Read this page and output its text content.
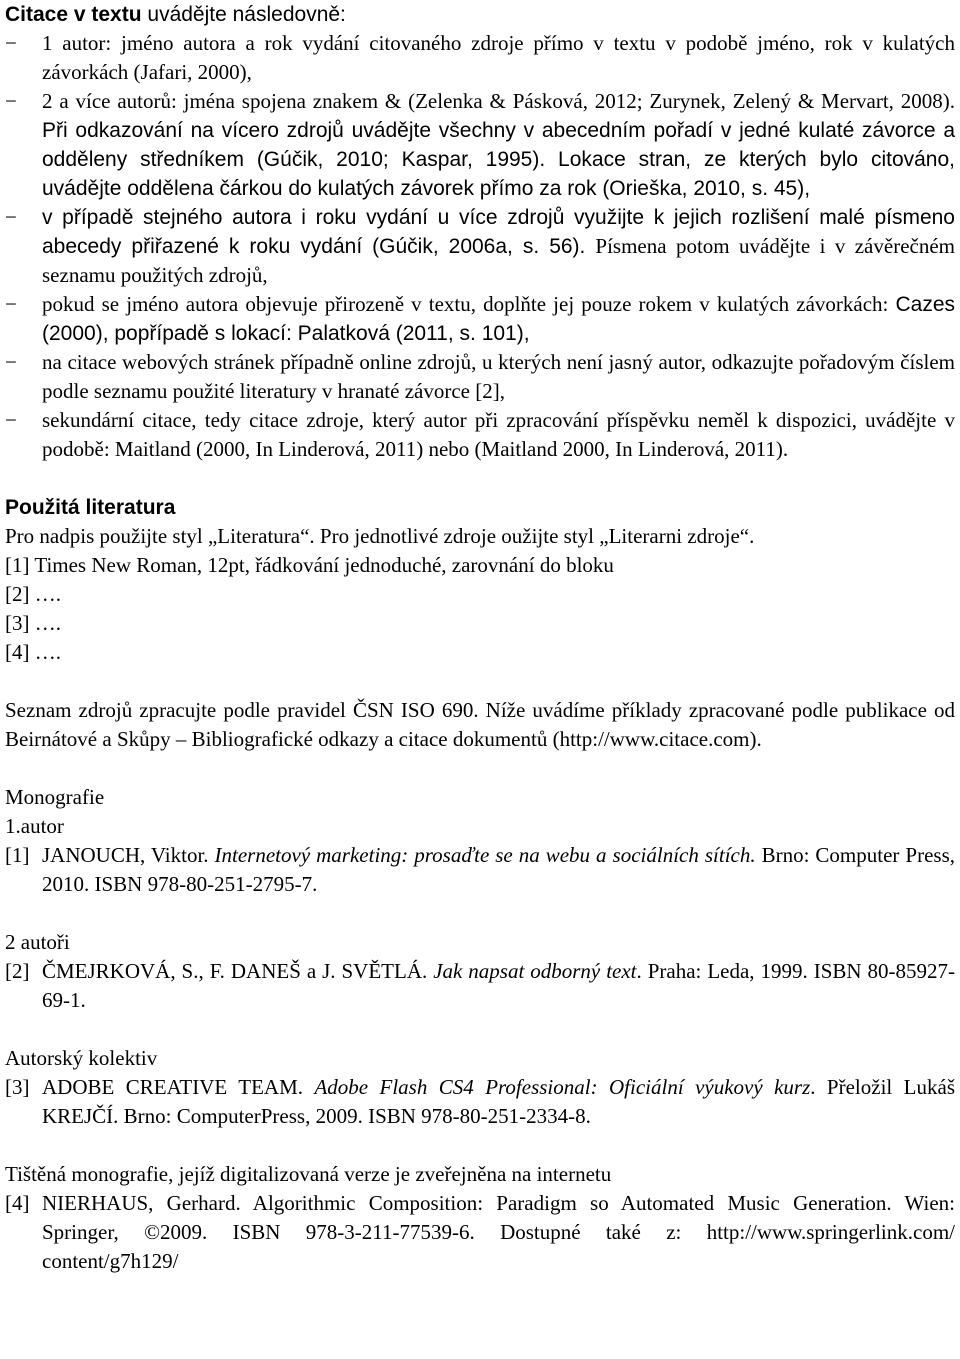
Citace v textu uvádějte následovně:

−	1 autor: jméno autora a rok vydání citovaného zdroje přímo v textu v podobě jméno, rok v kulatých závorkách (Jafari, 2000),
−	2 a více autorů: jména spojena znakem & (Zelenka & Pásková, 2012; Zurynek, Zelený & Mervart, 2008). Při odkazování na vícero zdrojů uvádějte všechny v abecedním pořadí v jedné kulaté závorce a odděleny středníkem (Gúčik, 2010; Kaspar, 1995). Lokace stran, ze kterých bylo citováno, uvádějte oddělena čárkou do kulatých závorek přímo za rok (Orieška, 2010, s. 45),
−	v případě stejného autora i roku vydání u více zdrojů využijte k jejich rozlišení malé písmeno abecedy přiřazené k roku vydání (Gúčik, 2006a, s. 56). Písmena potom uvádějte i v závěrečném seznamu použitých zdrojů,
−	pokud se jméno autora objevuje přirozeně v textu, doplňte jej pouze rokem v kulatých závorkách: Cazes (2000), popřípadě s lokací: Palatková (2011, s. 101),
−	na citace webových stránek případně online zdrojů, u kterých není jasný autor, odkazujte pořadovým číslem podle seznamu použité literatury v hranaté závorce [2],
−	sekundární citace, tedy citace zdroje, který autor při zpracování příspěvku neměl k dispozici, uvádějte v podobě: Maitland (2000, In Linderová, 2011) nebo (Maitland 2000, In Linderová, 2011).

Použitá literatura

Pro nadpis použijte styl „Literatura“. Pro jednotlivé zdroje oužijte styl „Literarni zdroje“.

[1] Times New Roman, 12pt, řádkování jednoduché, zarovnání do bloku

[2] ….

[3] ….

[4] ….

Seznam zdrojů zpracujte podle pravidel ČSN ISO 690. Níže uvádíme příklady zpracované podle publikace od Beirnátové a Skůpy – Bibliografické odkazy a citace dokumentů (http://www.citace.com).

Monografie

1.autor

[1] JANOUCH, Viktor. Internetový marketing: prosaďte se na webu a sociálních sítích. Brno: Computer Press, 2010. ISBN 978-80-251-2795-7.

2 autoři

[2] ČMEJRKOVÁ, S., F. DANEŠ a J. SVĚTLÁ. Jak napsat odborný text. Praha: Leda, 1999. ISBN 80-85927-69-1.

Autorský kolektiv

[3] ADOBE CREATIVE TEAM. Adobe Flash CS4 Professional: Oficiální výukový kurz. Přeložil Lukáš KREJČÍ. Brno: ComputerPress, 2009. ISBN 978-80-251-2334-8.

Tištěná monografie, jejíž digitalizovaná verze je zveřejněna na internetu

[4] NIERHAUS, Gerhard. Algorithmic Composition: Paradigm so Automated Music Generation. Wien: Springer, ©2009. ISBN 978-3-211-77539-6. Dostupné také z: http://www.springerlink.com/ content/g7h129/
